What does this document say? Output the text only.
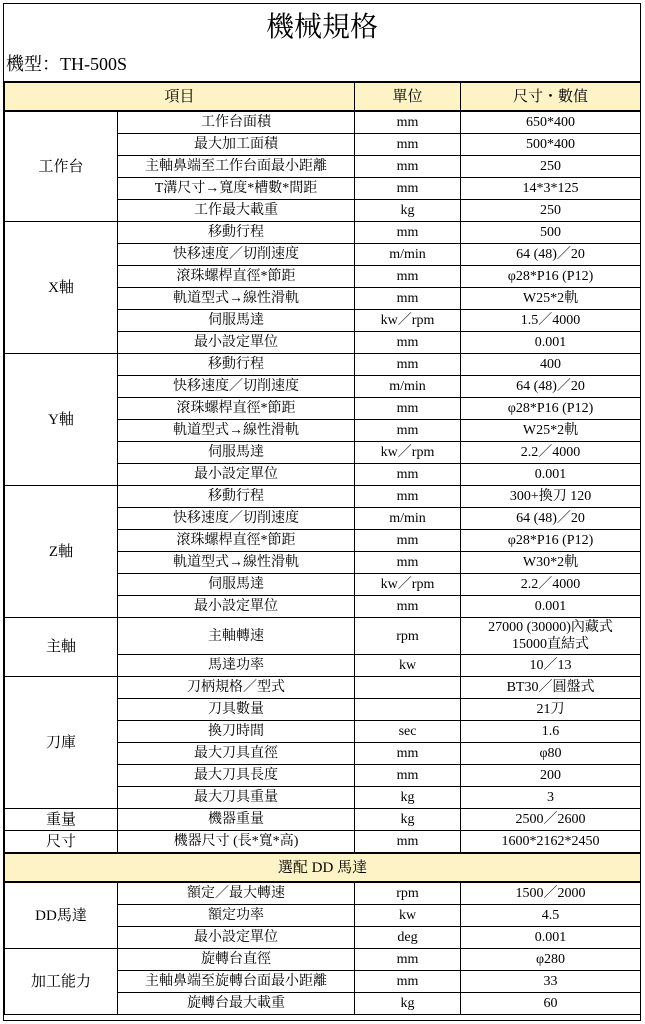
機械規格
機型：TH-500S
項目		單位	尺寸・數值
工作台	工作台面積	mm	650*400

	最大加工面積	mm	500*400

	主軸鼻端至工作台面最小距離	mm	250

	T溝尺寸→寬度*槽數*間距	mm	14*3*125

	工作最大載重	kg	250

X軸	移動行程	mm	500

	快移速度／切削速度	m/min	64 (48)／20

	滾珠螺桿直徑*節距	mm	φ28*P16 (P12)

	軌道型式→線性滑軌	mm	W25*2軌

	伺服馬達	kw／rpm	1.5／4000

	最小設定單位	mm	0.001

Y軸	移動行程	mm	400

	快移速度／切削速度	m/min	64 (48)／20

	滾珠螺桿直徑*節距	mm	φ28*P16 (P12)

	軌道型式→線性滑軌	mm	W25*2軌

	伺服馬達	kw／rpm	2.2／4000

	最小設定單位	mm	0.001

Z軸	移動行程	mm	300+換刀 120

	快移速度／切削速度	m/min	64 (48)／20

	滾珠螺桿直徑*節距	mm	φ28*P16 (P12)

	軌道型式→線性滑軌	mm	W30*2軌

	伺服馬達	kw／rpm	2.2／4000

	最小設定單位	mm	0.001

主軸	主軸轉速	rpm	27000 (30000)內藏式
15000直結式

	馬達功率	kw	10／13

刀庫	刀柄規格／型式		BT30／圓盤式

	刀具數量		21刀

	換刀時間	sec	1.6

	最大刀具直徑	mm	φ80

	最大刀具長度	mm	200

	最大刀具重量	kg	3

重量	機器重量	kg	2500／2600

尺寸	機器尺寸 (長*寬*高)	mm	1600*2162*2450

選配 DD 馬達			
DD馬達	額定／最大轉速	rpm	1500／2000

	額定功率	kw	4.5

	最小設定單位	deg	0.001

加工能力	旋轉台直徑	mm	φ280

	主軸鼻端至旋轉台面最小距離	mm	33

	旋轉台最大載重	kg	60
